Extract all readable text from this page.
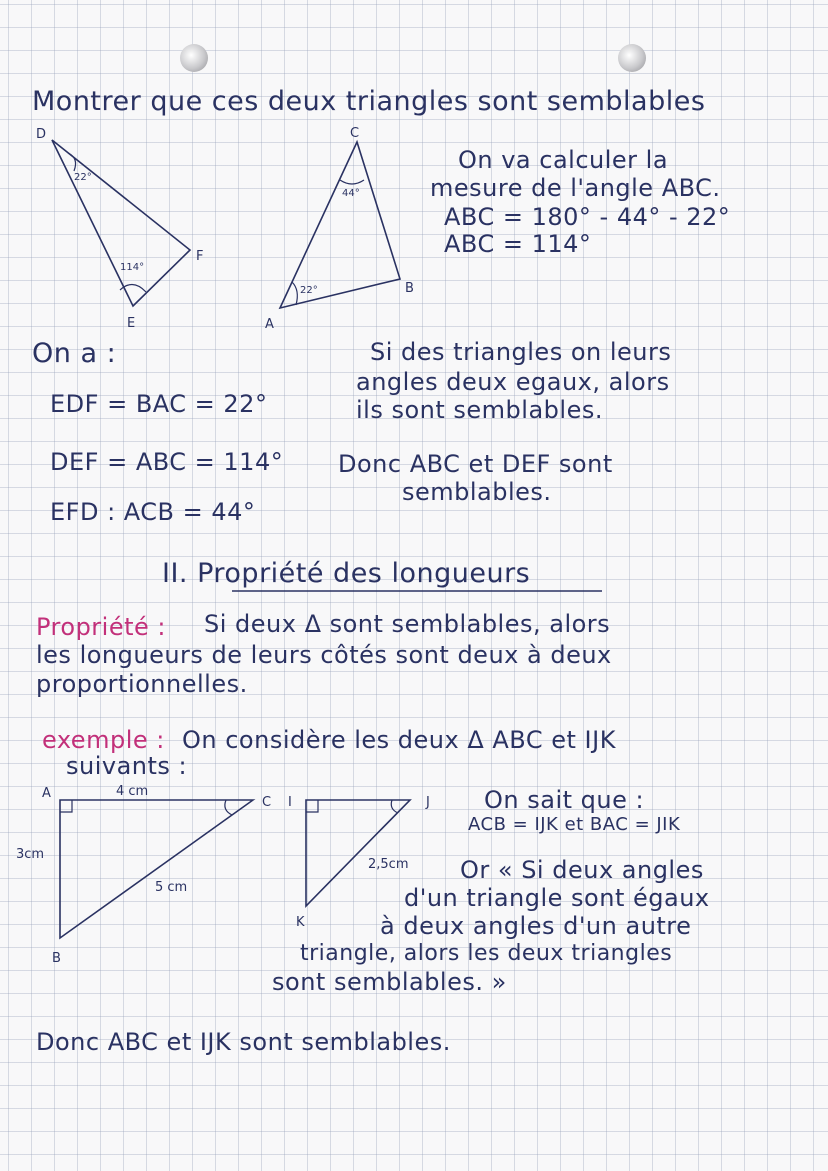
Montrer que ces deux triangles sont semblables
D
E
F
22°
114°
C
A
B
44°
22°
A
C
B
4 cm
3cm
5 cm
I	J
K
2,5cm
On va calculer la
mesure de l'angle ABC.
ABC = 180° - 44° - 22°
ABC = 114°
On a :
EDF = BAC = 22°
DEF = ABC = 114°
EFD : ACB = 44°
Si des triangles on leurs
angles deux egaux, alors
ils sont semblables.
Donc ABC et DEF sont
semblables.
II. Propriété des longueurs
Propriété : Si deux Δ sont semblables, alors
les longueurs de leurs côtés sont deux à deux
proportionnelles.
exemple : On considère les deux Δ ABC et IJK
suivants :
On sait que :
ACB = IJK et BAC = JIK
Or « Si deux angles
d'un triangle sont égaux
à deux angles d'un autre
triangle, alors les deux triangles
sont semblables. »
Donc ABC et IJK sont semblables.
